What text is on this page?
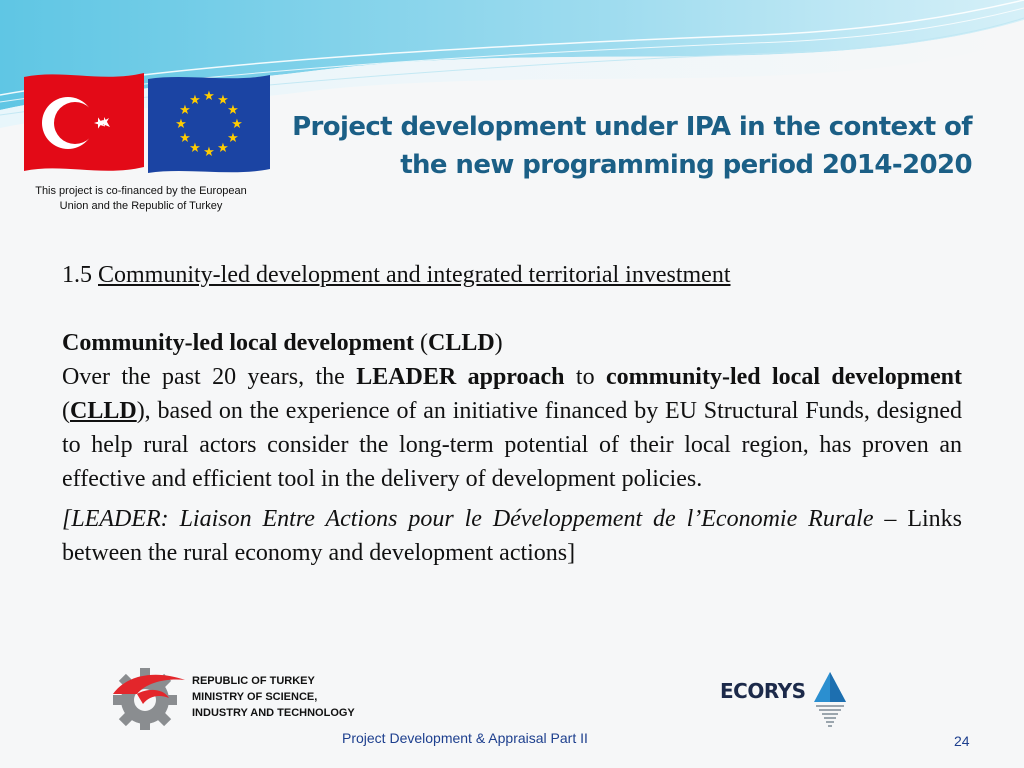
★ ★
★
★
★
★
★
★
★
★
★
★
This project is co-financed by the European
Union and the Republic of Turkey
Project development under IPA in the context of
the new programming period 2014-2020

1.5 Community-led development and integrated territorial investment

Community-led local development (CLLD)

Over the past 20 years, the LEADER approach to community-led local development (CLLD), based on the experience of an initiative financed by EU Structural Funds, designed to help rural actors consider the long-term potential of their local region, has proven an effective and efficient tool in the delivery of development policies.

[LEADER: Liaison Entre Actions pour le Développement de l’Economie Rurale – Links between the rural economy and development actions]

REPUBLIC OF TURKEY
MINISTRY OF SCIENCE,
INDUSTRY AND TECHNOLOGY
ECORYS
Project Development & Appraisal Part II	24
